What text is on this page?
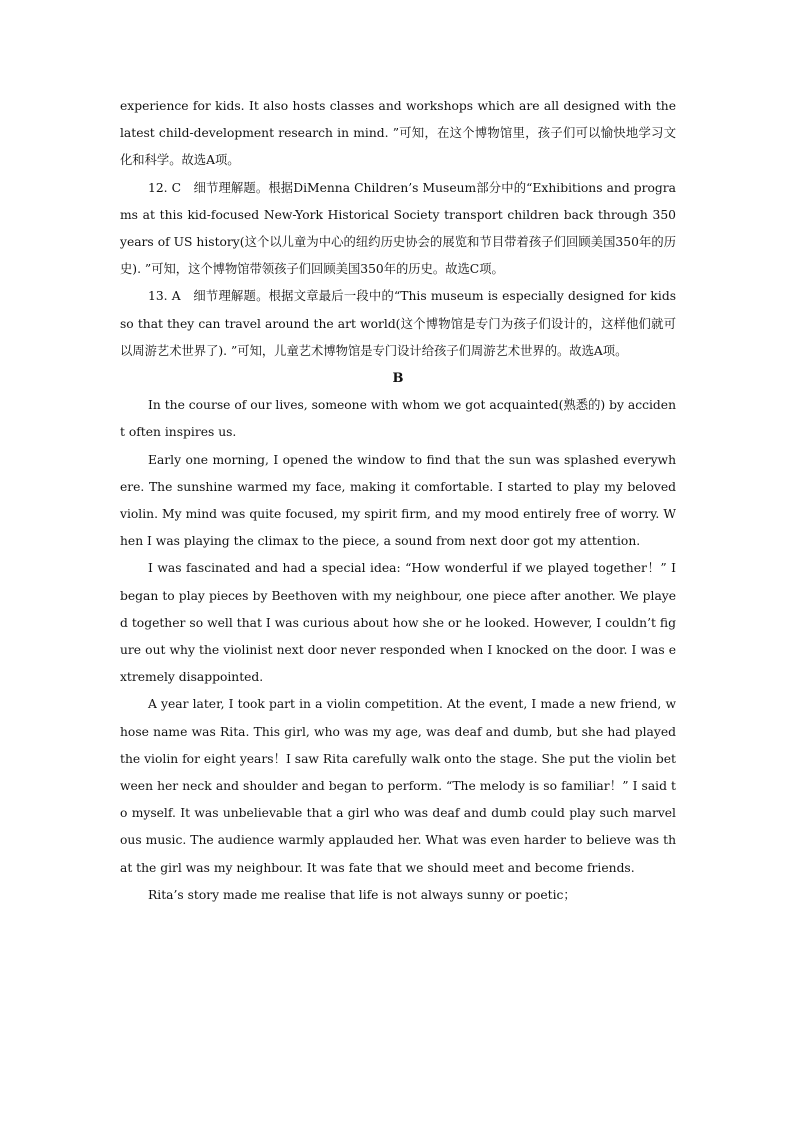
experience for kids. It also hosts classes and workshops which are all designed with the latest child-development research in mind. ”可知，在这个博物馆里，孩子们可以愉快地学习文化和科学。故选A项。

12. C　细节理解题。根据DiMenna Children’s Museum部分中的“Exhibitions and programs at this kid-focused New-York Historical Society transport children back through 350 years of US history(这个以儿童为中心的纽约历史协会的展览和节目带着孩子们回顾美国350年的历史). ”可知，这个博物馆带领孩子们回顾美国350年的历史。故选C项。

13. A　细节理解题。根据文章最后一段中的“This museum is especially designed for kids so that they can travel around the art world(这个博物馆是专门为孩子们设计的，这样他们就可以周游艺术世界了). ”可知，儿童艺术博物馆是专门设计给孩子们周游艺术世界的。故选A项。

B

In the course of our lives, someone with whom we got acquainted(熟悉的) by accident often inspires us.

Early one morning, I opened the window to find that the sun was splashed everywhere. The sunshine warmed my face, making it comfortable. I started to play my beloved violin. My mind was quite focused, my spirit firm, and my mood entirely free of worry. When I was playing the climax to the piece, a sound from next door got my attention.

I was fascinated and had a special idea: “How wonderful if we played together！” I began to play pieces by Beethoven with my neighbour, one piece after another. We played together so well that I was curious about how she or he looked. However, I couldn’t figure out why the violinist next door never responded when I knocked on the door. I was extremely disappointed.

A year later, I took part in a violin competition. At the event, I made a new friend, whose name was Rita. This girl, who was my age, was deaf and dumb, but she had played the violin for eight years！I saw Rita carefully walk onto the stage. She put the violin between her neck and shoulder and began to perform. “The melody is so familiar！” I said to myself. It was unbelievable that a girl who was deaf and dumb could play such marvelous music. The audience warmly applauded her. What was even harder to believe was that the girl was my neighbour. It was fate that we should meet and become friends.

Rita’s story made me realise that life is not always sunny or poetic；
